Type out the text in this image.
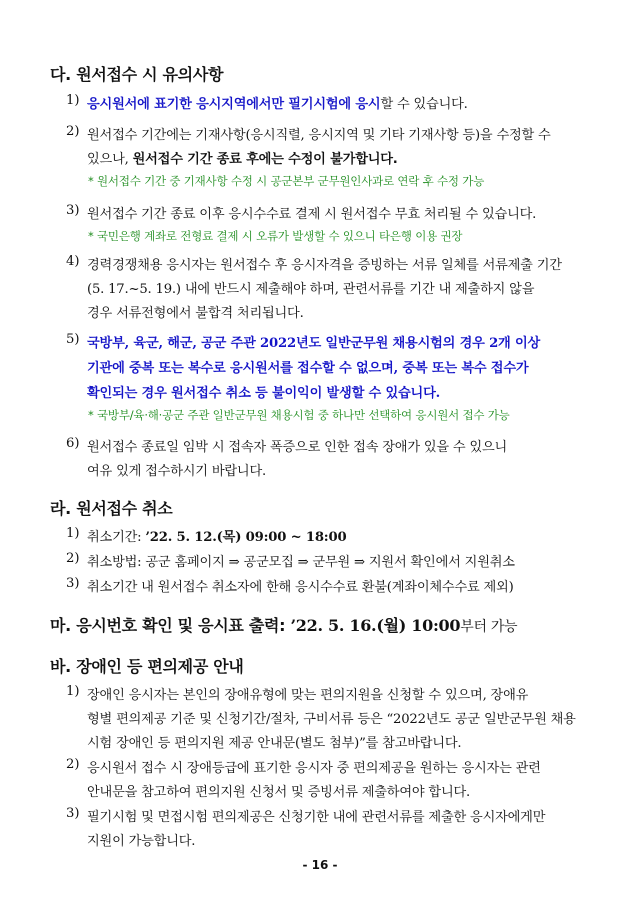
다. 원서접수 시 유의사항
1) 응시원서에 표기한 응시지역에서만 필기시험에 응시할 수 있습니다.
2) 원서접수 기간에는 기재사항(응시직렬, 응시지역 및 기타 기재사항 등)을 수정할 수
있으나, 원서접수 기간 종료 후에는 수정이 불가합니다.
* 원서접수 기간 중 기재사항 수정 시 공군본부 군무원인사과로 연락 후 수정 가능
3) 원서접수 기간 종료 이후 응시수수료 결제 시 원서접수 무효 처리될 수 있습니다.
* 국민은행 계좌로 전형료 결제 시 오류가 발생할 수 있으니 타은행 이용 권장
4) 경력경쟁채용 응시자는 원서접수 후 응시자격을 증빙하는 서류 일체를 서류제출 기간
(5. 17.~5. 19.) 내에 반드시 제출해야 하며, 관련서류를 기간 내 제출하지 않을
경우 서류전형에서 불합격 처리됩니다.
5) 국방부, 육군, 해군, 공군 주관 2022년도 일반군무원 채용시험의 경우 2개 이상
기관에 중복 또는 복수로 응시원서를 접수할 수 없으며, 중복 또는 복수 접수가
확인되는 경우 원서접수 취소 등 불이익이 발생할 수 있습니다.
* 국방부/육·해·공군 주관 일반군무원 채용시험 중 하나만 선택하여 응시원서 접수 가능
6) 원서접수 종료일 임박 시 접속자 폭증으로 인한 접속 장애가 있을 수 있으니
여유 있게 접수하시기 바랍니다.
라. 원서접수 취소
1) 취소기간: ’22. 5. 12.(목) 09:00 ~ 18:00
2) 취소방법: 공군 홈페이지 ⇒ 공군모집 ⇒ 군무원 ⇒ 지원서 확인에서 지원취소
3) 취소기간 내 원서접수 취소자에 한해 응시수수료 환불(계좌이체수수료 제외)
마. 응시번호 확인 및 응시표 출력: ’22. 5. 16.(월) 10:00부터 가능
바. 장애인 등 편의제공 안내
1) 장애인 응시자는 본인의 장애유형에 맞는 편의지원을 신청할 수 있으며, 장애유
형별 편의제공 기준 및 신청기간/절차, 구비서류 등은 “2022년도 공군 일반군무원 채용
시험 장애인 등 편의지원 제공 안내문(별도 첨부)”를 참고바랍니다.
2) 응시원서 접수 시 장애등급에 표기한 응시자 중 편의제공을 원하는 응시자는 관련
안내문을 참고하여 편의지원 신청서 및 증빙서류 제출하여야 합니다.
3) 필기시험 및 면접시험 편의제공은 신청기한 내에 관련서류를 제출한 응시자에게만
지원이 가능합니다.
- 16 -
